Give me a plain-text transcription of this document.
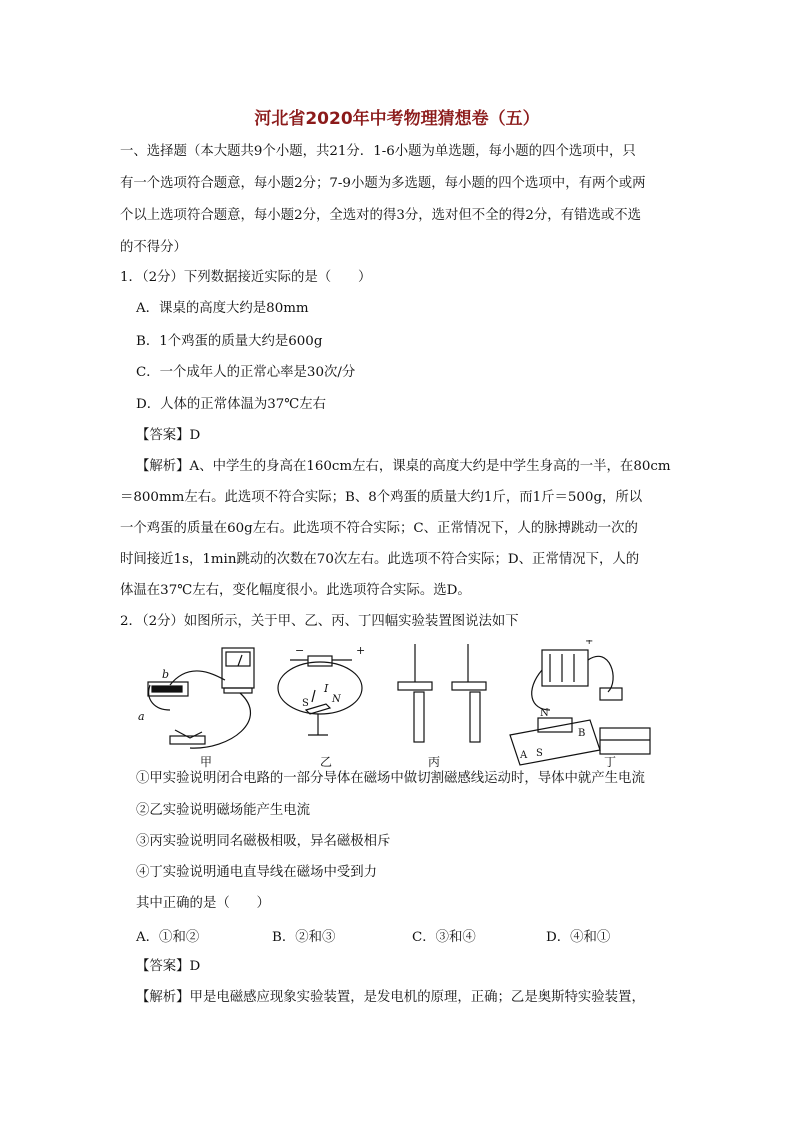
河北省2020年中考物理猜想卷（五）
一、选择题（本大题共9个小题，共21分．1-6小题为单选题，每小题的四个选项中，只
有一个选项符合题意，每小题2分；7-9小题为多选题，每小题的四个选项中，有两个或两
个以上选项符合题意，每小题2分，全选对的得3分，选对但不全的得2分，有错选或不选
的不得分）
1．（2分）下列数据接近实际的是（　　）
A．课桌的高度大约是80mm
B．1个鸡蛋的质量大约是600g
C．一个成年人的正常心率是30次/分
D．人体的正常体温为37℃左右
【答案】D
【解析】A、中学生的身高在160cm左右，课桌的高度大约是中学生身高的一半，在80cm
＝800mm左右。此选项不符合实际；B、8个鸡蛋的质量大约1斤，而1斤＝500g，所以
一个鸡蛋的质量在60g左右。此选项不符合实际；C、正常情况下，人的脉搏跳动一次的
时间接近1s，1min跳动的次数在70次左右。此选项不符合实际；D、正常情况下，人的
体温在37℃左右，变化幅度很小。此选项符合实际。选D。
2．（2分）如图所示，关于甲、乙、丙、丁四幅实验装置图说法如下
b
a
甲
−	+
I
S N
乙	丙
+
N
B
A S
丁
①甲实验说明闭合电路的一部分导体在磁场中做切割磁感线运动时，导体中就产生电流
②乙实验说明磁场能产生电流
③丙实验说明同名磁极相吸，异名磁极相斥
④丁实验说明通电直导线在磁场中受到力
其中正确的是（　　）
A．①和②	B．②和③	C．③和④	D．④和①
【答案】D
【解析】甲是电磁感应现象实验装置，是发电机的原理，正确；乙是奥斯特实验装置，
